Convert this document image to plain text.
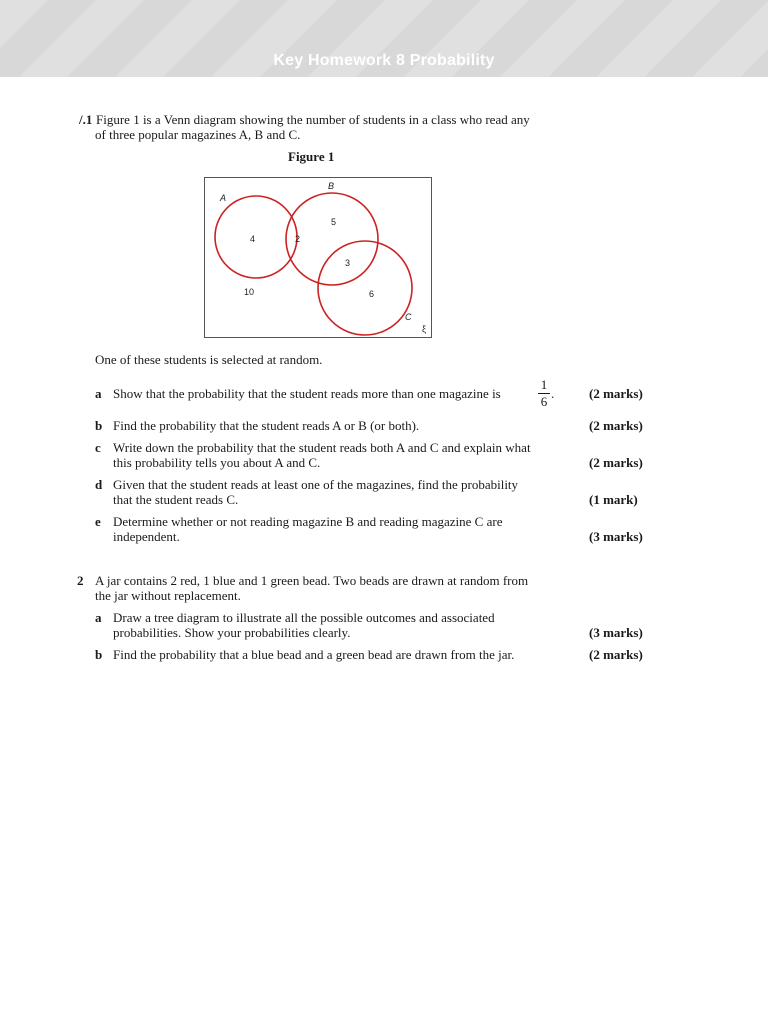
Key Homework 8 Probability
/.1 Figure 1 is a Venn diagram showing the number of students in a class who read any
of three popular magazines A, B and C.
Figure 1
A
B
C
ξ
4	2
5
3
6
10
One of these students is selected at random.
a Show that the probability that the student reads more than one magazine is
1
6
.	(2 marks)
b Find the probability that the student reads A or B (or both).	(2 marks)
c Write down the probability that the student reads both A and C and explain what
this probability tells you about A and C.	(2 marks)
d Given that the student reads at least one of the magazines, find the probability
that the student reads C.	(1 mark)
e Determine whether or not reading magazine B and reading magazine C are
independent.	(3 marks)
2 A jar contains 2 red, 1 blue and 1 green bead. Two beads are drawn at random from
the jar without replacement.
a Draw a tree diagram to illustrate all the possible outcomes and associated
probabilities. Show your probabilities clearly.	(3 marks)
b Find the probability that a blue bead and a green bead are drawn from the jar.	(2 marks)
